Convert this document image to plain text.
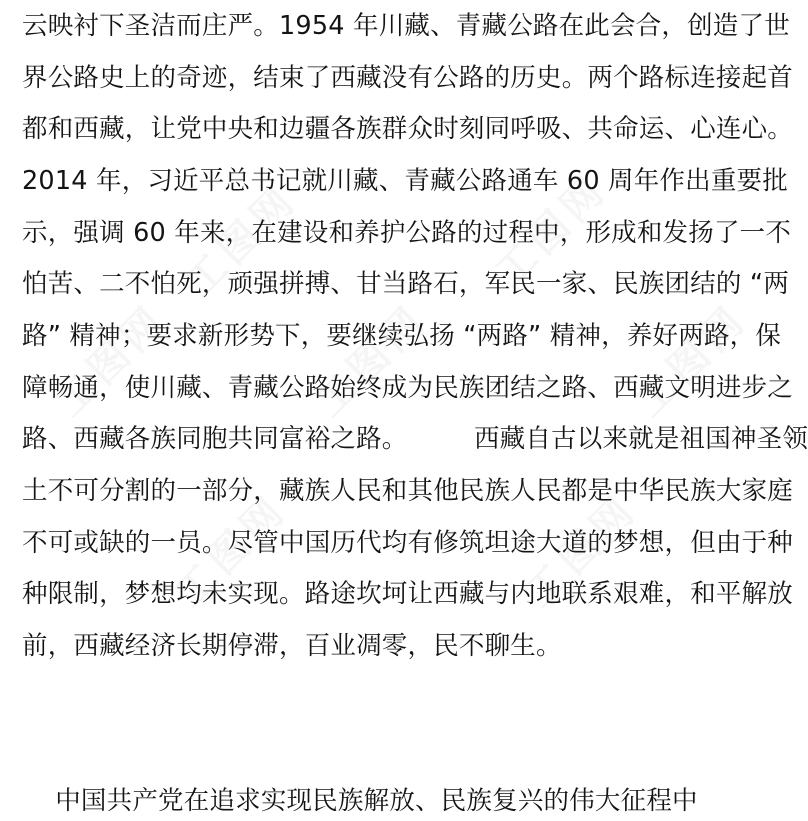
云映衬下圣洁而庄严。1954 年川藏、青藏公路在此会合，创造了世
界公路史上的奇迹，结束了西藏没有公路的历史。两个路标连接起首
都和西藏，让党中央和边疆各族群众时刻同呼吸、共命运、心连心。
2014 年，习近平总书记就川藏、青藏公路通车 60 周年作出重要批
示，强调 60 年来，在建设和养护公路的过程中，形成和发扬了一不
怕苦、二不怕死，顽强拼搏、甘当路石，军民一家、民族团结的 “两
路” 精神；要求新形势下，要继续弘扬 “两路” 精神，养好两路，保
障畅通，使川藏、青藏公路始终成为民族团结之路、西藏文明进步之
路、西藏各族同胞共同富裕之路。        西藏自古以来就是祖国神圣领
土不可分割的一部分，藏族人民和其他民族人民都是中华民族大家庭
不可或缺的一员。尽管中国历代均有修筑坦途大道的梦想，但由于种
种限制，梦想均未实现。路途坎坷让西藏与内地联系艰难，和平解放
前，西藏经济长期停滞，百业凋零，民不聊生。
中国共产党在追求实现民族解放、民族复兴的伟大征程中
工图网	工图网
工图网	工图网	工图网
工图网	工图网
